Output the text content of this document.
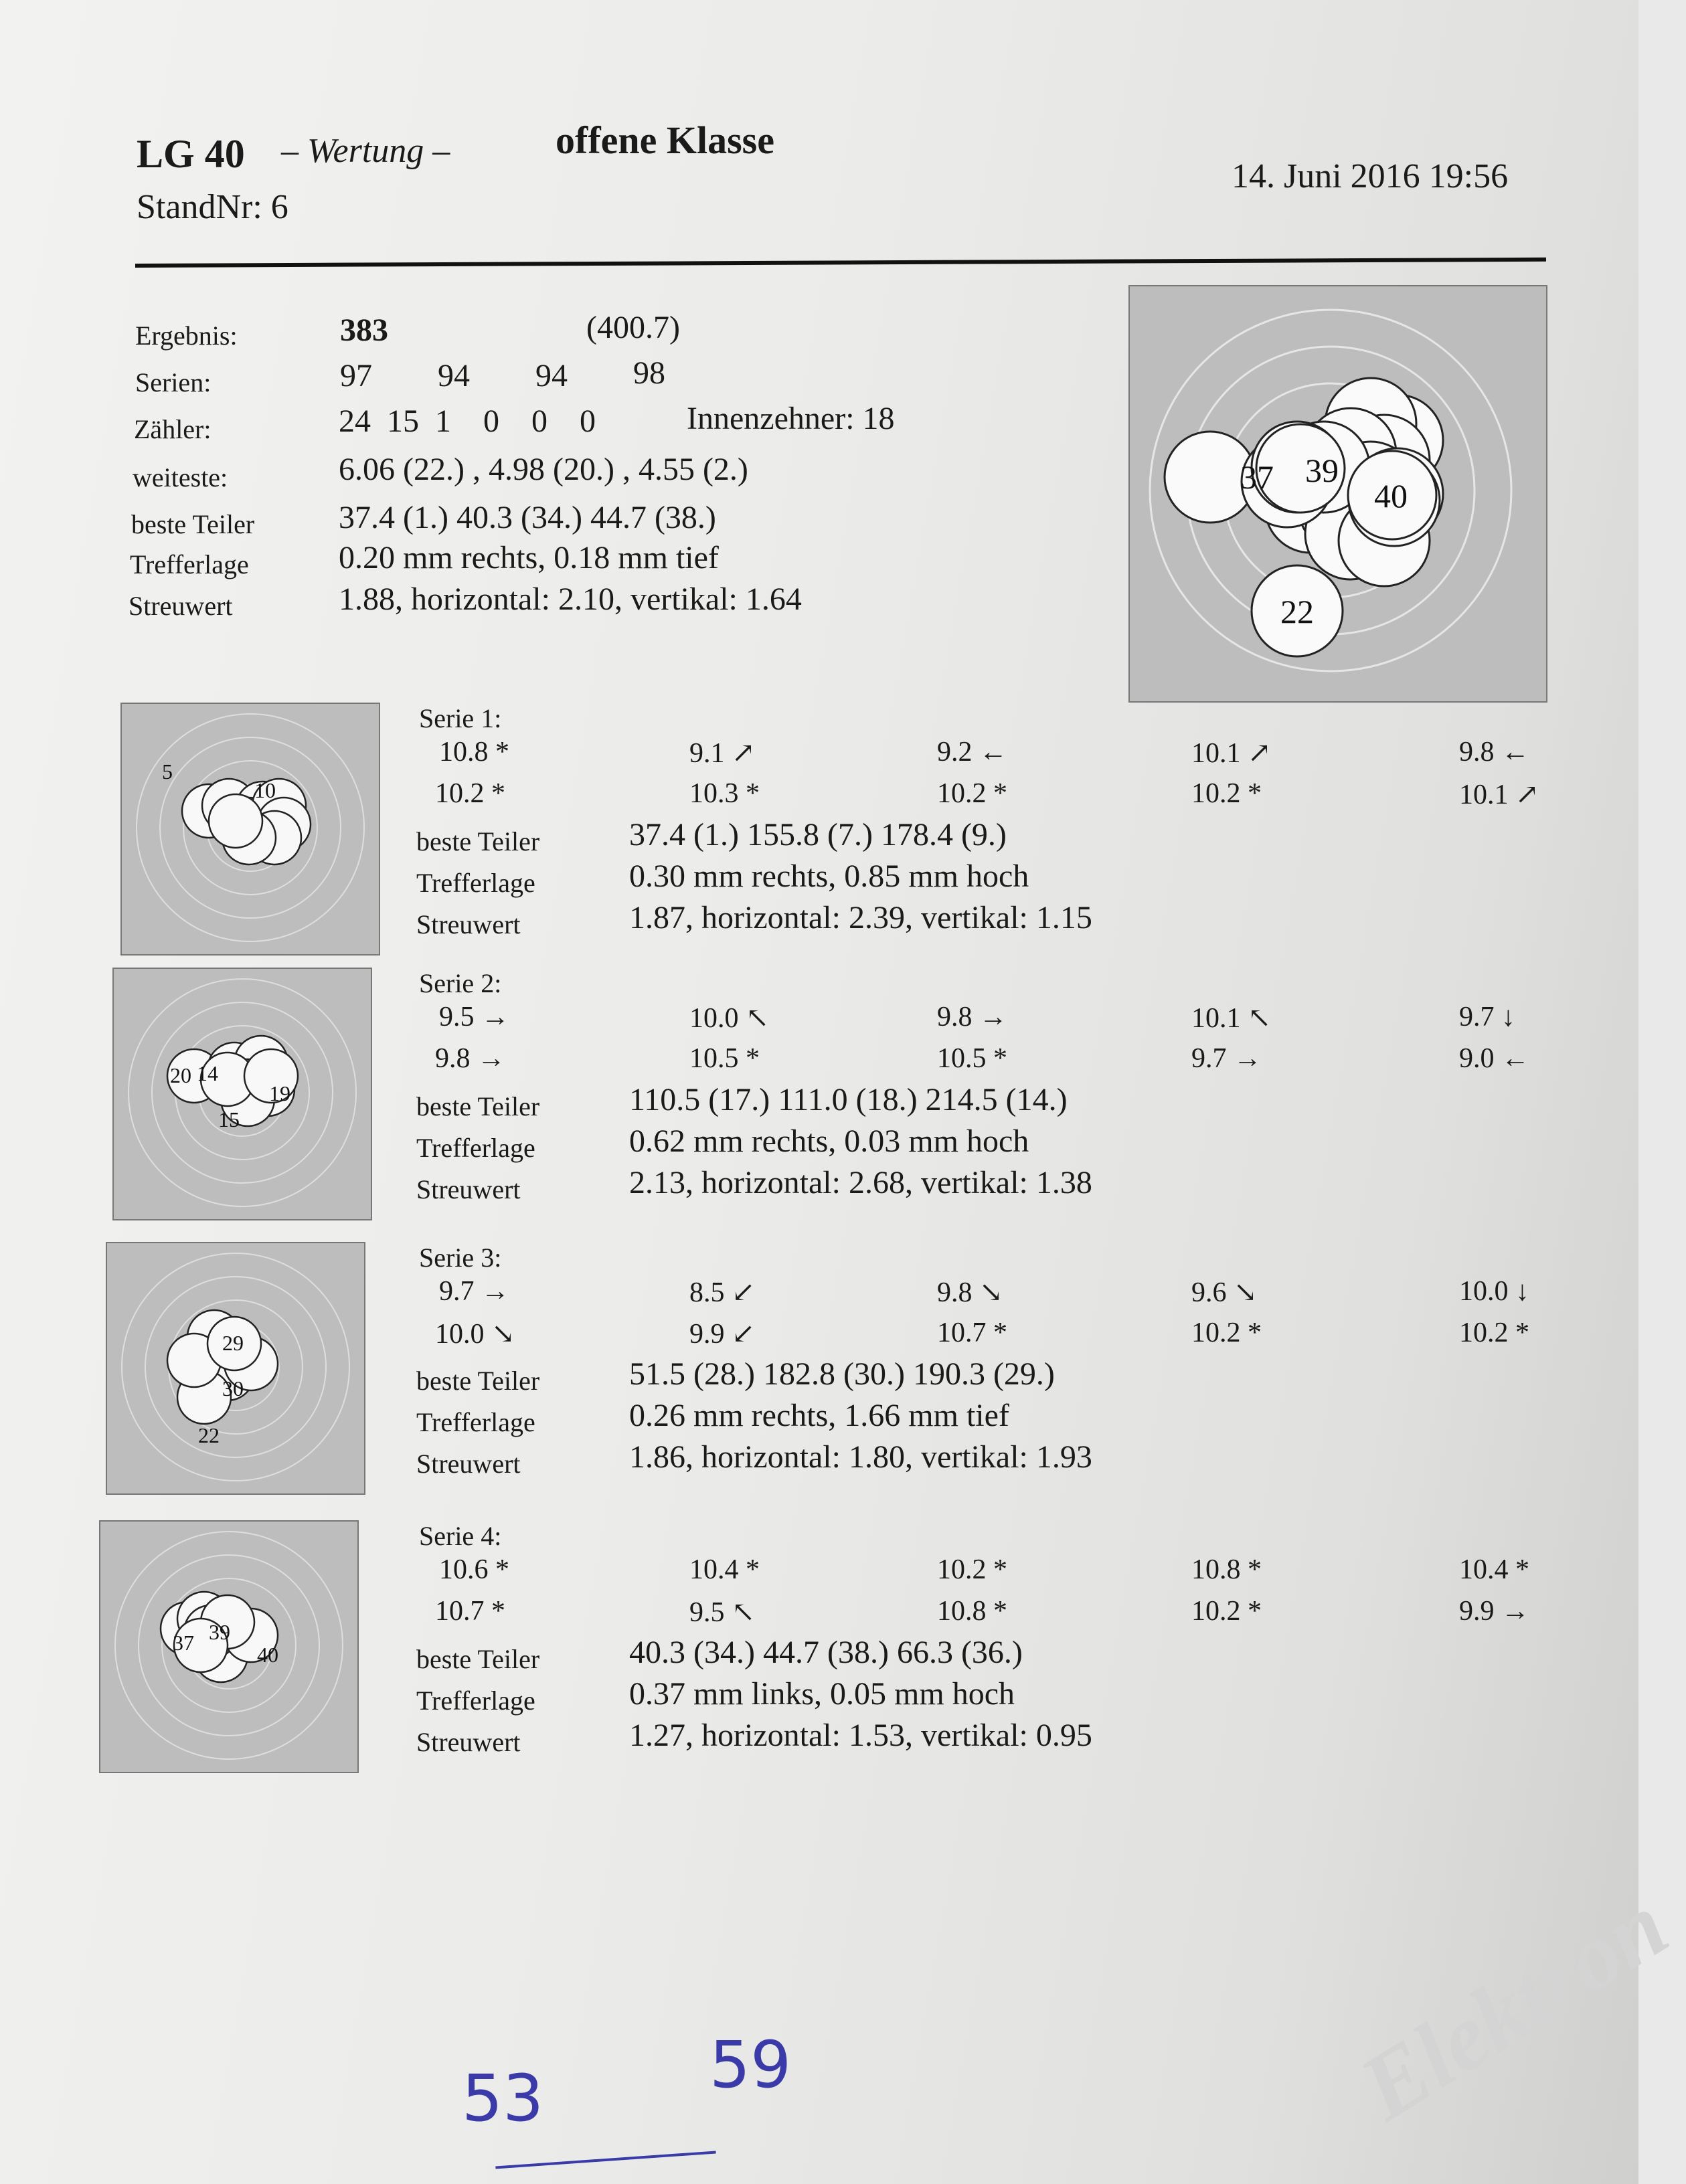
LG 40 – Wertung –	offene Klasse
StandNr: 6
14. Juni 2016 19:56
Ergebnis:	383	(400.7)
Serien:	97 94 94 98
Zähler:	24  15  1    0    0    0	Innenzehner: 18
weiteste:	6.06 (22.) , 4.98 (20.) , 4.55 (2.)
beste Teiler	37.4 (1.) 40.3 (34.) 44.7 (38.)
Trefferlage	0.20 mm rechts, 0.18 mm tief
Streuwert	1.88, horizontal: 2.10, vertikal: 1.64
37 39
40
22
5
10
Serie 1:
10.8 *	9.1 ↗	9.2 ←	10.1 ↗	9.8 ←
10.2 *	10.3 *	10.2 *	10.2 *	10.1 ↗
beste Teiler	37.4 (1.) 155.8 (7.) 178.4 (9.)
Trefferlage	0.30 mm rechts, 0.85 mm hoch
Streuwert	1.87, horizontal: 2.39, vertikal: 1.15
20 14
19
15
Serie 2:
9.5 →	10.0 ↖	9.8 →	10.1 ↖	9.7 ↓
9.8 →	10.5 *	10.5 *	9.7 →	9.0 ←
beste Teiler	110.5 (17.) 111.0 (18.) 214.5 (14.)
Trefferlage	0.62 mm rechts, 0.03 mm hoch
Streuwert	2.13, horizontal: 2.68, vertikal: 1.38
29
30
22
Serie 3:
9.7 →	8.5 ↙	9.8 ↘	9.6 ↘	10.0 ↓
10.0 ↘	9.9 ↙	10.7 *	10.2 *	10.2 *
beste Teiler	51.5 (28.) 182.8 (30.) 190.3 (29.)
Trefferlage	0.26 mm rechts, 1.66 mm tief
Streuwert	1.86, horizontal: 1.80, vertikal: 1.93
37 39
40
Serie 4:
10.6 *	10.4 *	10.2 *	10.8 *	10.4 *
10.7 *	9.5 ↖	10.8 *	10.2 *	9.9 →
beste Teiler	40.3 (34.) 44.7 (38.) 66.3 (36.)
Trefferlage	0.37 mm links, 0.05 mm hoch
Streuwert	1.27, horizontal: 1.53, vertikal: 0.95
53	59	Elektron
